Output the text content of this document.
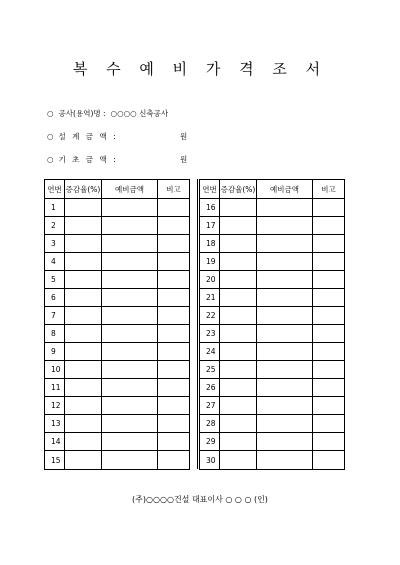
복 수 예 비 가 격 조 서
○ 공사(용역)명 : ○○○○ 신축공사
○ 설 계 금 액 :	원
○ 기 초 금 액 :	원
연번	증감율(%)	예비금액	비고
1			
2			
3			
4			
5			
6			
7			
8			
9			
10			
11			
12			
13			
14			
15			
연번	증감율(%)	예비금액	비고
16			
17			
18			
19			
20			
21			
22			
23			
24			
25			
26			
27			
28			
29			
30			
(주)○○○○건설 대표이사 ○ ○ ○ (인)
